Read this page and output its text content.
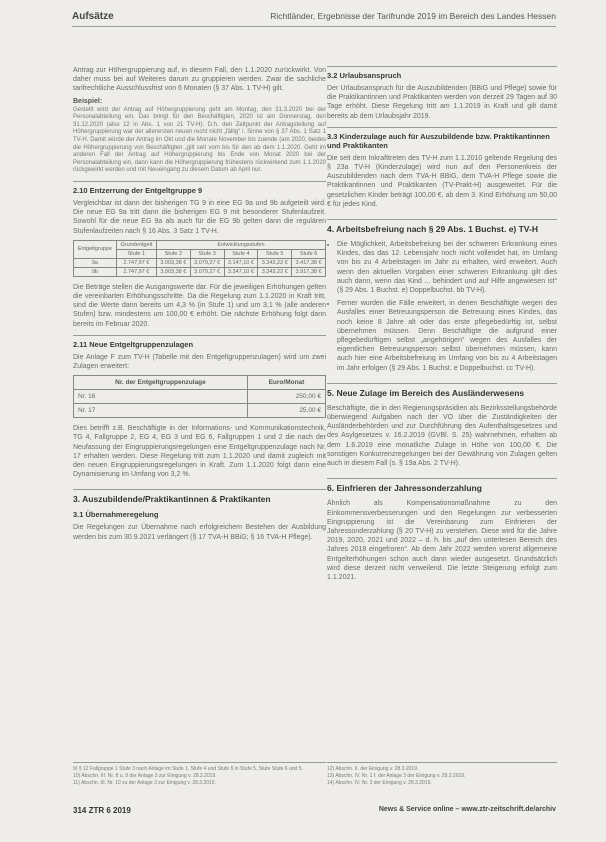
Aufsätze	Richtländer, Ergebnisse der Tarifrunde 2019 im Bereich des Landes Hessen

Antrag zur Höhergruppierung auf, in diesem Fall, den 1.1.2020 zurückwirkt. Von daher muss bei auf Weiteres darum zu gruppieren werden. Zwar die sachliche tarifrechtliche Ausschlussfrist von 6 Monaten (§ 37 Abs. 1 TV-H) gilt.

Beispiel:

Gestellt wird der Antrag auf Höhergruppierung geht am Montag, den 31.3.2020 bei der Personalabteilung ein. Das bringt für den Beschäftigten, 2020 ist am Donnerstag, den 31.12.2020 (also 12 in Abs. 1 von 21 TV-H). D.h. den Zeitpunkt der Antragstellung auf Höhergruppierung war der allerersten neuen recht nicht „fällig“ i. Sinne von § 37 Abs. 1 Satz 1 TV-H. Damit würde der Antrag im Okt und die Monate November bis zuende (am 2020, beides die Höhergruppierung von Beschäftigten „gilt seit vom bis für den ab dem 1.1.2020. Geht im anderen Fall der Antrag auf Höhergruppierung bis Ende von Monat 2020 bei der Personalabteilung ein, dann kann die Höhergruppierung frühestens rückwirkend zum 1.1.2020 rückgewirkt werden und mit Neueingang zu diesem Datum ab April nur.

2.10 Entzerrung der Entgeltgruppe 9

Vergleichbar ist dann der bisherigen TG 9 in eine EG 9a und 9b aufgeteilt wird. Die neue EG 9a tritt dann die bisherigen EG 9 mit besonderer Stufenlaufzeit. Sowohl für die neue EG 9a als auch für die EG 9b gelten dann die regulären Stufenlaufzeiten nach § 16 Abs. 3 Satz 1 TV-H.

Entgeltgruppe	Grundentgelt	Entwicklungsstufen				
	Stufe 1	Stufe 2	Stufe 3	Stufe 4	Stufe 5	Stufe 6
9a	2.747,97 €	3.003,38 €	3.079,27 €	3.147,10 €	3.343,22 €	3.417,38 €
9b	2.747,97 €	3.003,38 €	3.079,27 €	3.347,10 €	3.343,22 €	3.917,38 €

Die Beträge stellen die Ausgangswerte dar. Für die jeweiligen Erhöhungen gelten die vereinbarten Erhöhungsschritte. Da die Regelung zum 1.1.2020 in Kraft tritt, sind die Werte dann bereits um 4,3 % (in Stufe 1) und um 3,1 % (alle anderen Stufen) bzw. mindestens um 100,00 € erhöht. Die nächste Erhöhung folgt dann bereits im Februar 2020.

2.11 Neue Entgeltgruppenzulagen

Die Anlage F zum TV-H (Tabelle mit den Entgeltgruppenzulagen) wird um zwei Zulagen erweitert:

Nr. der Entgeltgruppenzulage	Euro/Monat
Nr. 16	250,00 €
Nr. 17	25,00 €

Dies betrifft z.B. Beschäftigte in der Informations- und Kommunikationstechnik, TG 4, Fallgruppe 2, EG 4, EG 3 und EG 6, Fallgruppen 1 und 2 die nach der Neufassung der Eingruppierungsregelungen eine Entgeltgruppenzulage nach Nr. 17 erhalten werden. Diese Regelung tritt zum 1.1.2020 und damit zugleich mit den neuen Eingruppierungsregelungen in Kraft. Zum 1.1.2020 folgt dann eine Dynamisierung im Umfang von 3,2 %.

3. Auszubildende/Praktikantinnen & Praktikanten
3.1 Übernahmeregelung

Die Regelungen zur Übernahme nach erfolgreichem Bestehen der Ausbildung werden bis zum 30.9.2021 verlängert (§ 17 TVA-H BBiG; § 16 TVA-H Pflege).

3.2 Urlaubsanspruch

Der Urlaubsanspruch für die Auszubildenden (BBiG und Pflege) sowie für die Praktikantinnen und Praktikanten werden von derzeit 29 Tagen auf 30 Tage erhöht. Diese Regelung tritt am 1.1.2019 in Kraft und gilt damit bereits ab dem Urlaubsjahr 2019.

3.3 Kinderzulage auch für Auszubildende bzw. Praktikantinnen und Praktikanten

Die seit dem Inkrafttreten des TV-H zum 1.1.2010 geltende Regelung des § 23a TV-H (Kinderzulage) wird nun auf den Personenkreis der Auszubildenden nach dem TVA-H BBiG, dem TVA-H Pflege sowie die Praktikantinnen und Praktikanten (TV-Prakt-H) ausgeweitet. Für die gesetzlichen Kinder beträgt 100,00 €, ab dem 3. Kind Erhöhung um 50,00 € für jedes Kind.

4. Arbeitsbefreiung nach § 29 Abs. 1 Buchst. e) TV-H
• Die Möglichkeit, Arbeitsbefreiung bei der schweren Erkrankung eines Kindes, das das 12. Lebensjahr noch nicht vollendet hat, im Umfang von bis zu 4 Arbeitstagen im Jahr zu erhalten, wird erweitert. Auch wenn den aktuellen Vorgaben einer schweren Erkrankung gilt dies auch dann, wenn das Kind ... behindert und auf Hilfe angewiesen ist“ (§ 29 Abs. 1 Buchst. e) Doppelbuchst. bb TV-H).
• Ferner wurden die Fälle erweitert, in denen Beschäftigte wegen des Ausfalles einer Betreuungsperson die Betreuung eines Kindes, das noch keine 8 Jahre alt oder das erste pflegebedürftig ist, selbst übernehmen müssen. Denn Beschäftigte die aufgrund einer pflegebedürftigen selbst „angehörigen“ wegen des Ausfalles der eigentlichen Betreuungsperson selbst übernehmen müssen, kann auch hier eine Arbeitsbefreiung im Umfang von bis zu 4 Arbeitstagen im Jahr erfolgen (§ 29 Abs. 1 Buchst. e Doppelbuchst. cc TV-H).
5. Neue Zulage im Bereich des Ausländerwesens

Beschäftigte, die in den Regierungspräsidien als Bezirksstellungsbehörde überwiegend Aufgaben nach der VO über die Zuständigkeiten der Ausländerbehörden und zur Durchführung des Aufenthaltsgesetzes und des Asylgesetzes v. 16.2.2019 (GVBl. S. 25) wahrnehmen, erhalten ab dem 1.6.2019 eine monatliche Zulage in Höhe von 100,00 €. Die sonstigen Konkurrenzregelungen bei der Gewährung von Zulagen gelten auch in diesem Fall (s. § 19a Abs. 2 TV-H).

6. Einfrieren der Jahressonderzahlung

Ähnlich als Kompensationsmaßnahme zu den Einkommensverbesserungen und den Regelungen zur verbesserten Eingruppierung ist die Vereinbarung zum Einfrieren der Jahressonderzahlung (§ 20 TV-H) zu verstehen. Diese wird für die Jahre 2019, 2020, 2021 und 2022 – d. h. bis „auf den unterlesen Bereich des Jahres 2018 eingefroren“. Ab dem Jahr 2022 werden vorerst allgemeine Entgelterhöhungen schon auch dann wieder ausgesetzt. Grundsätzlich wird diese derzeit nicht verweilend. Die letzte Steigerung erfolgt zum 1.1.2021.

9) § 12 Fallgruppe 1 Stufe 3 nach Anlage im Stufe 1, Stufe 4 und Stufe 5 in Stufe 5, Stufe Stufe 6 und 5.
10) Abschn. III. Nr. 8 u. 9 der Anlage 3 zur Einigung v. 28.3.2019.
11) Abschn. III. Nr. 10 zu der Anlage 3 zur Einigung v. 28.3.2019.
12) Abschn. II. der Einigung v. 28.3.2019.
13) Abschn. IV. Nr. 1 f. der Anlage 3 der Einigung v. 28.3.2019.
14) Abschn. IV. Nr. 3 der Einigung v. 28.3.2019.
314 ZTR 6 2019	News & Service online – www.ztr-zeitschrift.de/archiv
